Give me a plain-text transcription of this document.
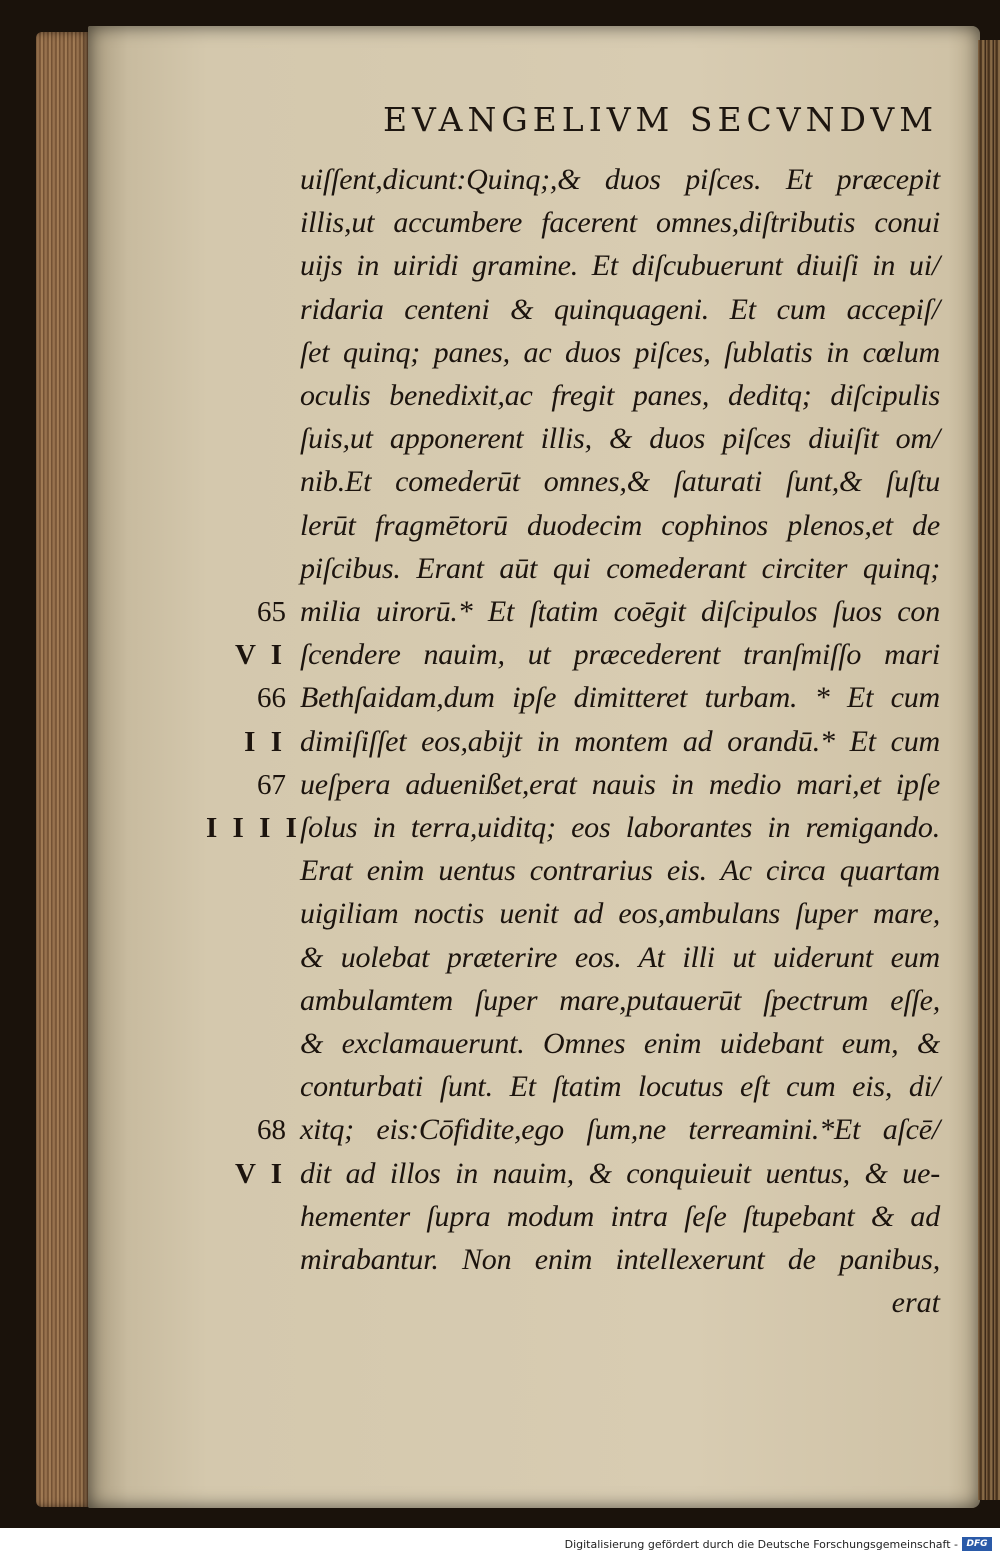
EVANGELIVM SECVNDVM
uiſſent,dicunt:Quinq;,& duos piſces. Et præcepit
illis,ut accumbere facerent omnes,diſtributis conui
uijs in uiridi gramine. Et diſcubuerunt diuiſi in ui/
ridaria centeni & quinquageni. Et cum accepiſ/
ſet quinq; panes, ac duos piſces, ſublatis in cœlum
oculis benedixit,ac fregit panes, deditq; diſcipulis
ſuis,ut apponerent illis, & duos piſces diuiſit om/
nib.Et comederūt omnes,& ſaturati ſunt,& ſuſtu
lerūt fragmētorū duodecim cophinos plenos,et de
piſcibus. Erant aūt qui comederant circiter quinq;
milia uirorū.* Et ſtatim coēgit diſcipulos ſuos con
ſcendere nauim, ut præcederent tranſmiſſo mari
Bethſaidam,dum ipſe dimitteret turbam. * Et cum
dimiſiſſet eos,abijt in montem ad orandū.* Et cum
ueſpera aduenißet,erat nauis in medio mari,et ipſe
ſolus in terra,uiditq; eos laborantes in remigando.
Erat enim uentus contrarius eis. Ac circa quartam
uigiliam noctis uenit ad eos,ambulans ſuper mare,
& uolebat præterire eos. At illi ut uiderunt eum
ambulamtem ſuper mare,putauerūt ſpectrum eſſe,
& exclamauerunt. Omnes enim uidebant eum, &
conturbati ſunt. Et ſtatim locutus eſt cum eis, di/
xitq; eis:Cōfidite,ego ſum,ne terreamini.*Et aſcē/
dit ad illos in nauim, & conquieuit uentus, & ue-
hementer ſupra modum intra ſeſe ſtupebant & ad
mirabantur. Non enim intellexerunt de panibus,
65
V I
66
I I
67
I I I I
68
V I
erat
Digitalisierung gefördert durch die Deutsche Forschungsgemeinschaft - DFG
